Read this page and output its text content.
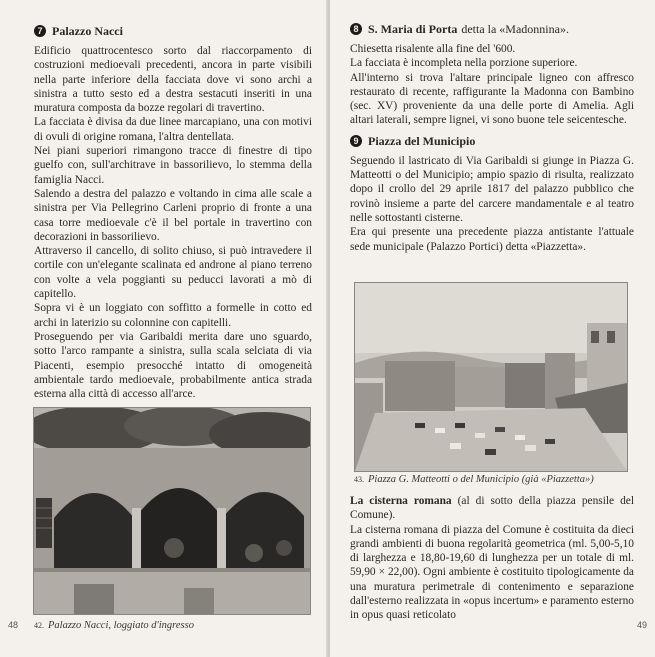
7 Palazzo Nacci

Edificio quattrocentesco sorto dal riaccorpamento di costruzioni medioevali precedenti, ancora in parte visibili nella parte inferiore della facciata dove vi sono archi a sinistra a tutto sesto ed a destra sestacuti inseriti in una muratura composta da bozze regolari di travertino.

La facciata è divisa da due linee marcapiano, una con motivi di ovuli di origine romana, l'altra dentellata.

Nei piani superiori rimangono tracce di finestre di tipo guelfo con, sull'architrave in bassorilievo, lo stemma della famiglia Nacci.

Salendo a destra del palazzo e voltando in cima alle scale a sinistra per Via Pellegrino Carleni proprio di fronte a una casa torre medioevale c'è il bel portale in travertino con decorazioni in bassorilievo.

Attraverso il cancello, di solito chiuso, si può intravedere il cortile con un'elegante scalinata ed androne al piano terreno con volte a vela poggianti su peducci lavorati a mò di capitello.

Sopra vi è un loggiato con soffitto a formelle in cotto ed archi in laterizio su colonnine con capitelli.

Proseguendo per via Garibaldi merita dare uno sguardo, sotto l'arco rampante a sinistra, sulla scala selciata di via Piacenti, esempio presocché intatto di omogeneità ambientale tardo medioevale, probabilmente antica strada esterna alla città di accesso all'arce.

42. Palazzo Nacci, loggiato d'ingresso
48
8 S. Maria di Porta detta la «Madonnina».

Chiesetta risalente alla fine del '600.

La facciata è incompleta nella porzione superiore.

All'interno si trova l'altare principale ligneo con affresco restaurato di recente, raffigurante la Madonna con Bambino (sec. XV) proveniente da una delle porte di Amelia. Agli altari laterali, sempre lignei, vi sono buone tele seicentesche.

9 Piazza del Municipio

Seguendo il lastricato di Via Garibaldi si giunge in Piazza G. Matteotti o del Municipio; ampio spazio di risulta, realizzato dopo il crollo del 29 aprile 1817 del palazzo pubblico che rovinò insieme a parte del carcere mandamentale e al teatro nelle sottostanti cisterne.

Era qui presente una precedente piazza antistante l'attuale sede municipale (Palazzo Portici) detta «Piazzetta».

43. Piazza G. Matteotti o del Municipio (già «Piazzetta»)

La cisterna romana (al di sotto della piazza pensile del Comune).

La cisterna romana di piazza del Comune è costituita da dieci grandi ambienti di buona regolarità geometrica (ml. 5,00-5,10 di larghezza e 18,80-19,60 di lunghezza per un totale di ml. 59,90 × 22,00). Ogni ambiente è costituito tipologicamente da una muratura perimetrale di contenimento e separazione dall'esterno realizzata in «opus incertum» e paramento esterno in opus quasi reticolato

49
